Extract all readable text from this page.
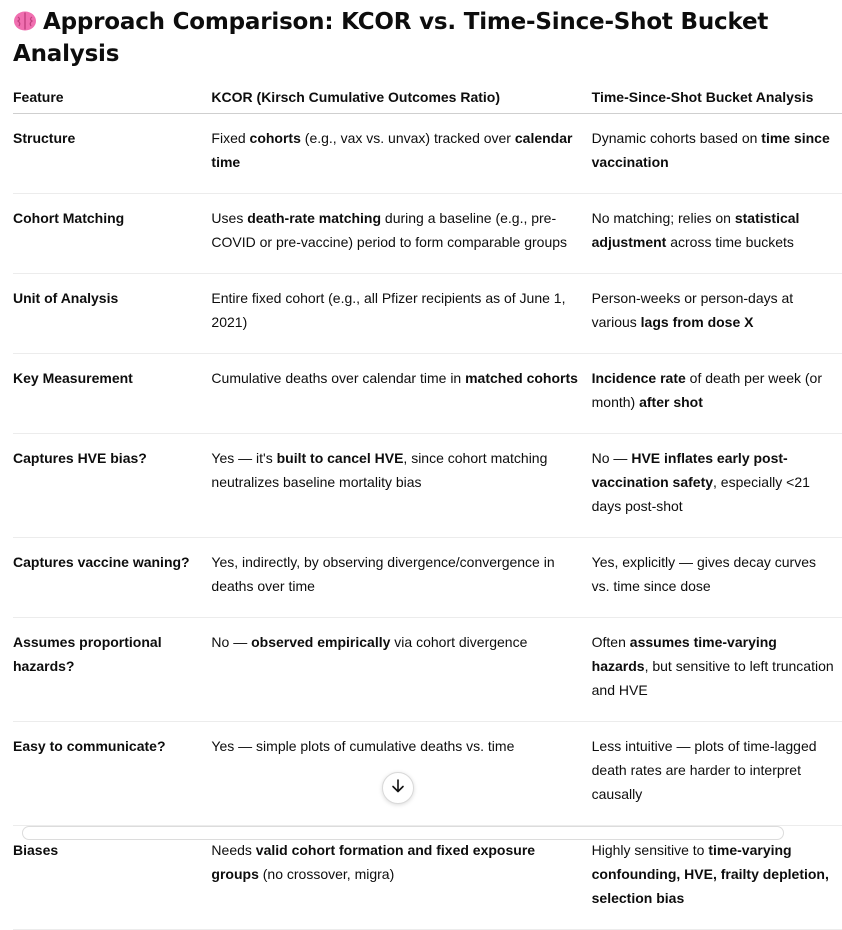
Approach Comparison: KCOR vs. Time-Since-Shot Bucket Analysis
Feature	KCOR (Kirsch Cumulative Outcomes Ratio)	Time-Since-Shot Bucket Analysis
Structure	Fixed cohorts (e.g., vax vs. unvax) tracked over calendar time	Dynamic cohorts based on time since vaccination
Cohort Matching	Uses death-rate matching during a baseline (e.g., pre-COVID or pre-vaccine) period to form comparable groups	No matching; relies on statistical adjustment across time buckets
Unit of Analysis	Entire fixed cohort (e.g., all Pfizer recipients as of June 1, 2021)	Person-weeks or person-days at various lags from dose X
Key Measurement	Cumulative deaths over calendar time in matched cohorts	Incidence rate of death per week (or month) after shot
Captures HVE bias?	Yes — it's built to cancel HVE, since cohort matching neutralizes baseline mortality bias	No — HVE inflates early post-vaccination safety, especially <21 days post-shot
Captures vaccine waning?	Yes, indirectly, by observing divergence/convergence in deaths over time	Yes, explicitly — gives decay curves vs. time since dose
Assumes proportional hazards?	No — observed empirically via cohort divergence	Often assumes time-varying hazards, but sensitive to left truncation and HVE
Easy to communicate?	Yes — simple plots of cumulative deaths vs. time	Less intuitive — plots of time-lagged death rates are harder to interpret causally
Biases	Needs valid cohort formation and fixed exposure groups (no crossover, migra)	Highly sensitive to time-varying confounding, HVE, frailty depletion, selection bias
